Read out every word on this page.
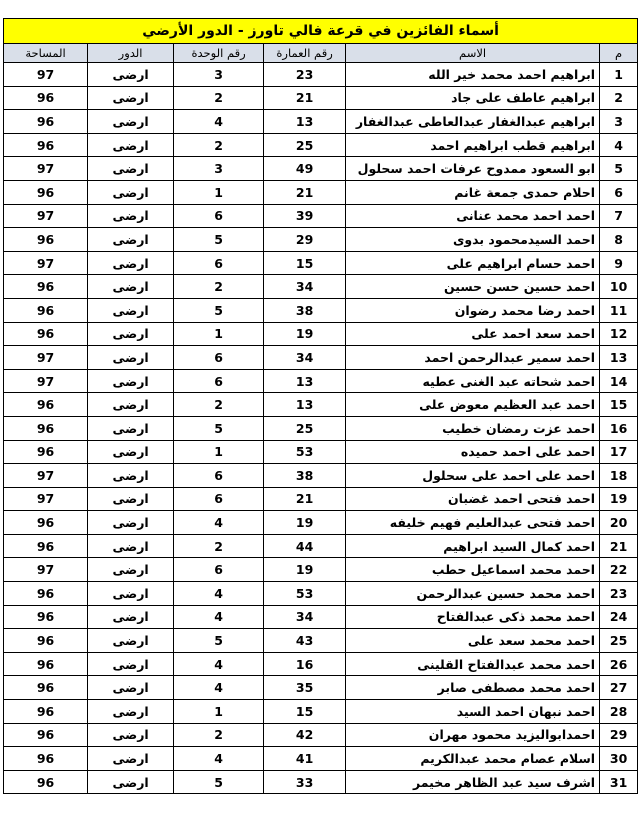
أسماء الفائزين في قرعة فالي تاورز - الدور الأرضي					
م	الاسم	رقم العمارة	رقم الوحدة	الدور	المساحة
1	ابراهيم احمد محمد خير الله	23	3	ارضى	97
2	ابراهيم عاطف على جاد	21	2	ارضى	96
3	ابراهيم عبدالغفار عبدالعاطى عبدالغفار	13	4	ارضى	96
4	ابراهيم قطب ابراهيم احمد	25	2	ارضى	96
5	ابو السعود ممدوح عرفات احمد سحلول	49	3	ارضى	97
6	احلام حمدى جمعة غانم	21	1	ارضى	96
7	احمد احمد محمد عنانى	39	6	ارضى	97
8	احمد السيدمحمود بدوى	29	5	ارضى	96
9	احمد حسام ابراهيم على	15	6	ارضى	97
10	احمد حسين حسن حسين	34	2	ارضى	96
11	احمد رضا محمد رضوان	38	5	ارضى	96
12	احمد سعد احمد على	19	1	ارضى	96
13	احمد سمير عبدالرحمن احمد	34	6	ارضى	97
14	احمد شحاته عبد الغنى عطيه	13	6	ارضى	97
15	احمد عبد العظيم معوض على	13	2	ارضى	96
16	احمد عزت رمضان خطيب	25	5	ارضى	96
17	احمد على احمد حميده	53	1	ارضى	96
18	احمد على احمد على سحلول	38	6	ارضى	97
19	احمد فتحى احمد غضبان	21	6	ارضى	97
20	احمد فتحى عبدالعليم فهيم خليفه	19	4	ارضى	96
21	احمد كمال السيد ابراهيم	44	2	ارضى	96
22	احمد محمد اسماعيل حطب	19	6	ارضى	97
23	احمد محمد حسين عبدالرحمن	53	4	ارضى	96
24	احمد محمد ذكى عبدالفتاح	34	4	ارضى	96
25	احمد محمد سعد على	43	5	ارضى	96
26	احمد محمد عبدالفتاح القلينى	16	4	ارضى	96
27	احمد محمد مصطفى صابر	35	4	ارضى	96
28	احمد نبهان احمد السيد	15	1	ارضى	96
29	احمدابواليزيد محمود مهران	42	2	ارضى	96
30	اسلام عصام محمد عبدالكريم	41	4	ارضى	96
31	اشرف سيد عبد الظاهر مخيمر	33	5	ارضى	96
